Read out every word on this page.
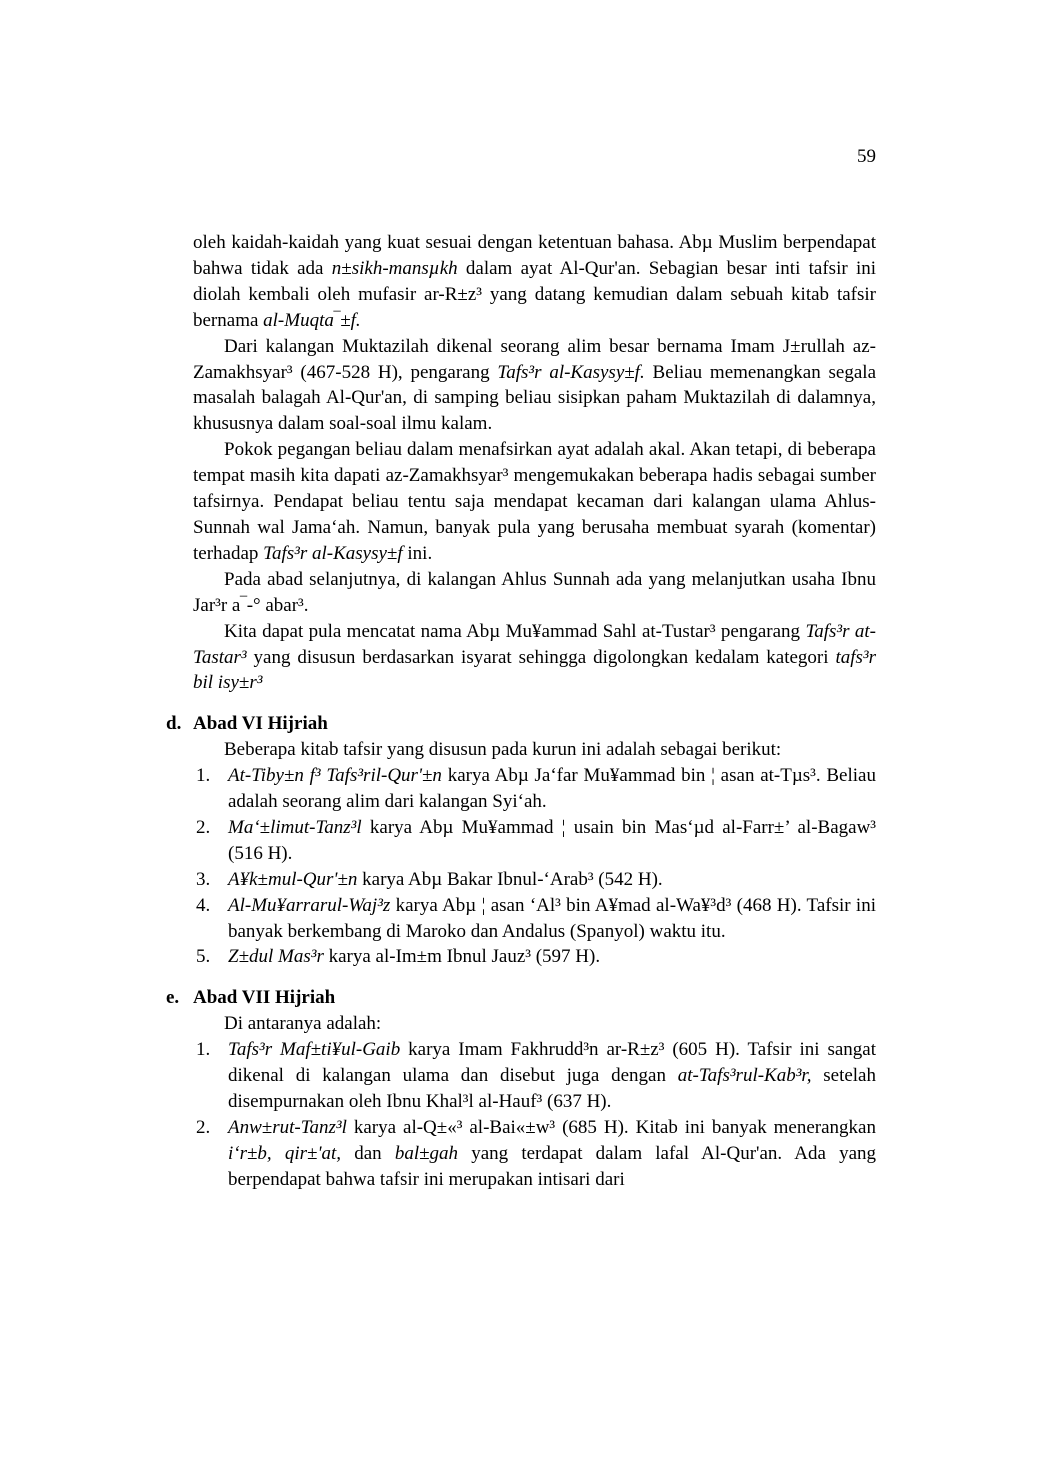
59

oleh kaidah-kaidah yang kuat sesuai dengan ketentuan bahasa. Abµ Muslim berpendapat bahwa tidak ada n±sikh-mansµkh dalam ayat Al-Qur'an. Sebagian besar inti tafsir ini diolah kembali oleh mufasir ar-R±z³ yang datang kemudian dalam sebuah kitab tafsir bernama al-Muqta‾±f.

Dari kalangan Muktazilah dikenal seorang alim besar bernama Imam J±rullah az-Zamakhsyar³ (467-528 H), pengarang Tafs³r al-Kasysy±f. Beliau memenangkan segala masalah balagah Al-Qur'an, di samping beliau sisipkan paham Muktazilah di dalamnya, khususnya dalam soal-soal ilmu kalam.

Pokok pegangan beliau dalam menafsirkan ayat adalah akal. Akan tetapi, di beberapa tempat masih kita dapati az-Zamakhsyar³ mengemukakan beberapa hadis sebagai sumber tafsirnya. Pendapat beliau tentu saja mendapat kecaman dari kalangan ulama Ahlus-Sunnah wal Jama‘ah. Namun, banyak pula yang berusaha membuat syarah (komentar) terhadap Tafs³r al-Kasysy±f ini.

Pada abad selanjutnya, di kalangan Ahlus Sunnah ada yang melanjutkan usaha Ibnu Jar³r a‾-° abar³.

Kita dapat pula mencatat nama Abµ Mu¥ammad Sahl at-Tustar³ pengarang Tafs³r at-Tastar³ yang disusun berdasarkan isyarat sehingga digolongkan kedalam kategori tafs³r bil isy±r³

d. Abad VI Hijriah

Beberapa kitab tafsir yang disusun pada kurun ini adalah sebagai berikut:

1. At-Tiby±n f³ Tafs³ril-Qur'±n karya Abµ Ja‘far Mu¥ammad bin ¦ asan at-Tµs³. Beliau adalah seorang alim dari kalangan Syi‘ah.
2. Ma‘±limut-Tanz³l karya Abµ Mu¥ammad ¦ usain bin Mas‘µd al-Farr±’ al-Bagaw³ (516 H).
3. A¥k±mul-Qur'±n karya Abµ Bakar Ibnul-‘Arab³ (542 H).
4. Al-Mu¥arrarul-Waj³z karya Abµ ¦ asan ‘Al³ bin A¥mad al-Wa¥³d³ (468 H). Tafsir ini banyak berkembang di Maroko dan Andalus (Spanyol) waktu itu.
5. Z±dul Mas³r karya al-Im±m Ibnul Jauz³ (597 H).
e. Abad VII Hijriah

Di antaranya adalah:

1. Tafs³r Maf±ti¥ul-Gaib karya Imam Fakhrudd³n ar-R±z³ (605 H). Tafsir ini sangat dikenal di kalangan ulama dan disebut juga dengan at-Tafs³rul-Kab³r, setelah disempurnakan oleh Ibnu Khal³l al-Hauf³ (637 H).
2. Anw±rut-Tanz³l karya al-Q±«³ al-Bai«±w³ (685 H). Kitab ini banyak menerangkan i‘r±b, qir±'at, dan bal±gah yang terdapat dalam lafal Al-Qur'an. Ada yang berpendapat bahwa tafsir ini merupakan intisari dari
